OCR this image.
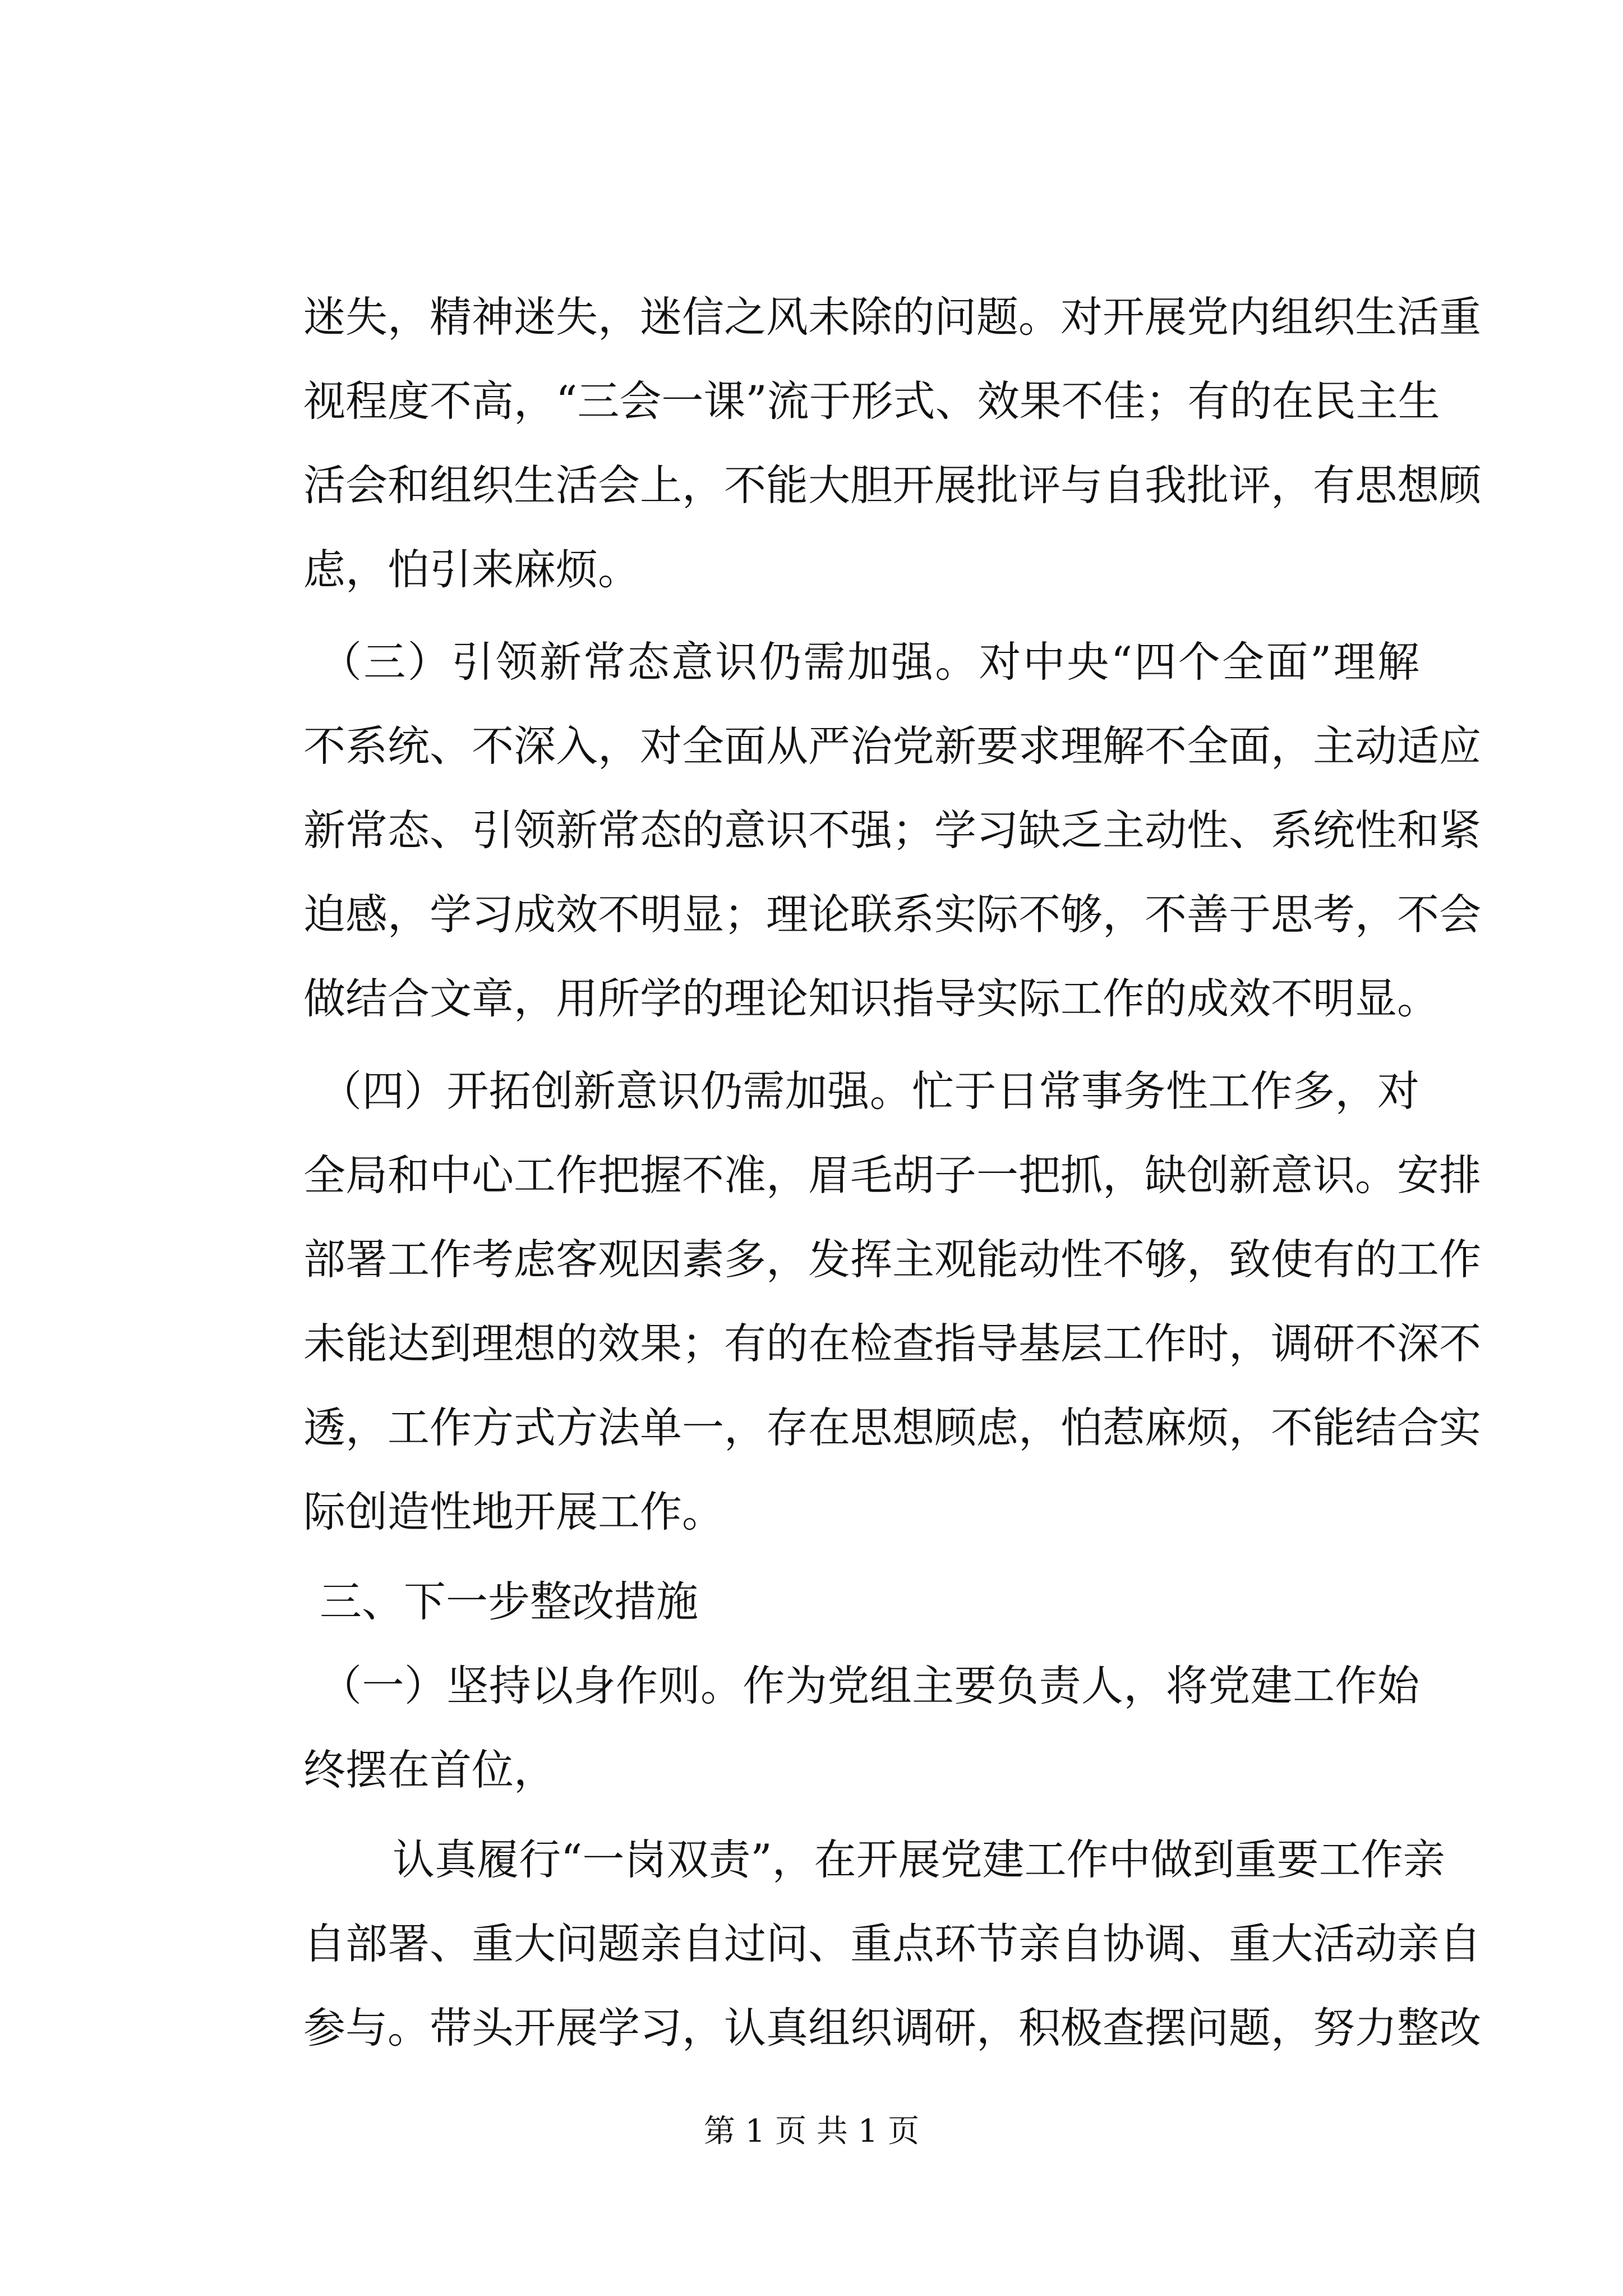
迷失，精神迷失，迷信之风未除的问题。对开展党内组织生活重
视程度不高，“三会一课”流于形式、效果不佳；有的在民主生
活会和组织生活会上，不能大胆开展批评与自我批评，有思想顾
虑，怕引来麻烦。
（三）引领新常态意识仍需加强。对中央“四个全面”理解
不系统、不深入，对全面从严治党新要求理解不全面，主动适应
新常态、引领新常态的意识不强；学习缺乏主动性、系统性和紧
迫感，学习成效不明显；理论联系实际不够，不善于思考，不会
做结合文章，用所学的理论知识指导实际工作的成效不明显。
（四）开拓创新意识仍需加强。忙于日常事务性工作多，对
全局和中心工作把握不准，眉毛胡子一把抓，缺创新意识。安排
部署工作考虑客观因素多，发挥主观能动性不够，致使有的工作
未能达到理想的效果；有的在检查指导基层工作时，调研不深不
透，工作方式方法单一，存在思想顾虑，怕惹麻烦，不能结合实
际创造性地开展工作。
三、下一步整改措施
（一）坚持以身作则。作为党组主要负责人，将党建工作始
终摆在首位，
认真履行“一岗双责”，在开展党建工作中做到重要工作亲
自部署、重大问题亲自过问、重点环节亲自协调、重大活动亲自
参与。带头开展学习，认真组织调研，积极查摆问题，努力整改
第 1 页 共 1 页
